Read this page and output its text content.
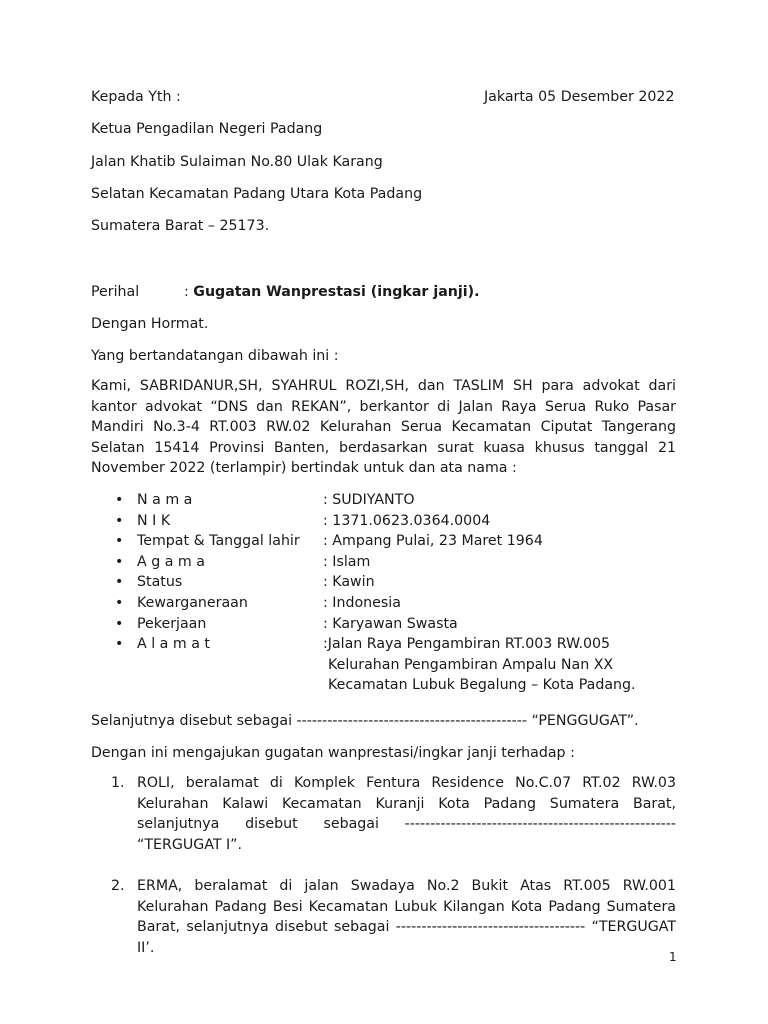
Kepada Yth :	Jakarta 05 Desember 2022
Ketua Pengadilan Negeri Padang
Jalan Khatib Sulaiman No.80 Ulak Karang
Selatan Kecamatan Padang Utara Kota Padang
Sumatera Barat – 25173.
Perihal	: Gugatan Wanprestasi (ingkar janji).
Dengan Hormat.
Yang bertandatangan dibawah ini :
Kami, SABRIDANUR,SH, SYAHRUL ROZI,SH, dan TASLIM SH para advokat dari kantor advokat “DNS dan REKAN”, berkantor di Jalan Raya Serua Ruko Pasar Mandiri No.3-4 RT.003 RW.02 Kelurahan Serua Kecamatan Ciputat Tangerang Selatan 15414 Provinsi Banten, berdasarkan surat kuasa khusus tanggal 21 November 2022 (terlampir) bertindak untuk dan ata nama :
• N a m a	: SUDIYANTO
• N I K	: 1371.0623.0364.0004
• Tempat & Tanggal lahir : Ampang Pulai, 23 Maret 1964
• A g a m a	: Islam
• Status	: Kawin
• Kewarganeraan	: Indonesia
• Pekerjaan	: Karyawan Swasta
• A l a m a t	:Jalan Raya Pengambiran RT.003 RW.005
Kelurahan Pengambiran Ampalu Nan XX
Kecamatan Lubuk Begalung – Kota Padang.
Selanjutnya disebut sebagai --------------------------------------------- “PENGGUGAT”.
Dengan ini mengajukan gugatan wanprestasi/ingkar janji terhadap :
1. ROLI, beralamat di Komplek Fentura Residence No.C.07 RT.02 RW.03 Kelurahan Kalawi Kecamatan Kuranji Kota Padang Sumatera Barat, selanjutnya disebut sebagai ----------------------------------------------------- “TERGUGAT I”.
2. ERMA, beralamat di jalan Swadaya No.2 Bukit Atas RT.005 RW.001 Kelurahan Padang Besi Kecamatan Lubuk Kilangan Kota Padang Sumatera Barat, selanjutnya disebut sebagai ------------------------------------- “TERGUGAT II’.
1
